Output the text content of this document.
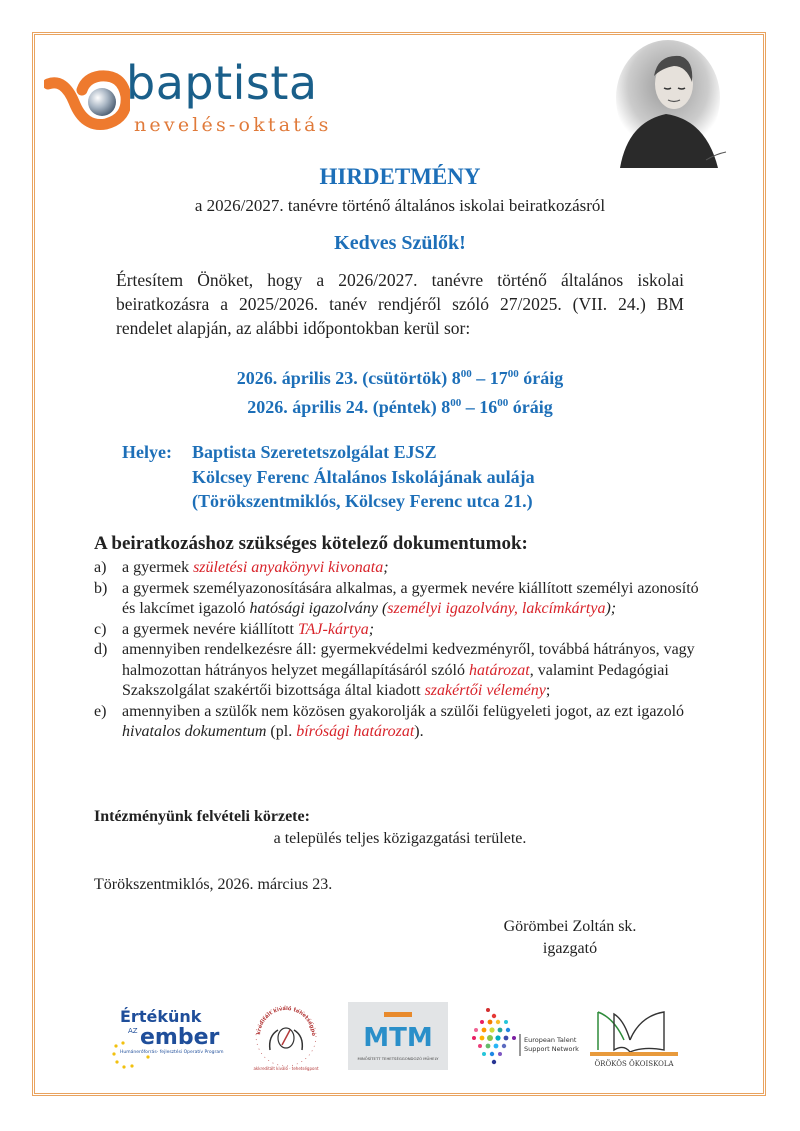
baptista
nevelés-oktatás
HIRDETMÉNY
a 2026/2027. tanévre történő általános iskolai beiratkozásról
Kedves Szülők!
Értesítem Önöket, hogy a 2026/2027. tanévre történő általános iskolai beiratkozásra a 2025/2026. tanév rendjéről szóló 27/2025. (VII. 24.) BM rendelet alapján, az alábbi időpontokban kerül sor:
2026. április 23. (csütörtök) $8^{00} - 17^{00}$ óráig
2026. április 24. (péntek) $8^{00} - 16^{00}$ óráig
Helye: Baptista Szeretetszolgálat EJSZ
Kölcsey Ferenc Általános Iskolájának aulája
(Törökszentmiklós, Kölcsey Ferenc utca 21.)
A beiratkozáshoz szükséges kötelező dokumentumok:
a) a gyermek születési anyakönyvi kivonata;
b) a gyermek személyazonosítására alkalmas, a gyermek nevére kiállított személyi azonosító és lakcímet igazoló hatósági igazolvány (személyi igazolvány, lakcímkártya);
c) a gyermek nevére kiállított TAJ-kártya;
d) amennyiben rendelkezésre áll: gyermekvédelmi kedvezményről, továbbá hátrányos, vagy halmozottan hátrányos helyzet megállapításáról szóló határozat, valamint Pedagógiai Szakszolgálat szakértői bizottsága által kiadott szakértői vélemény;
e) amennyiben a szülők nem közösen gyakorolják a szülői felügyeleti jogot, az ezt igazoló hivatalos dokumentum (pl. bírósági határozat).
Intézményünk felvételi körzete:
a település teljes közigazgatási területe.
Törökszentmiklós, 2026. március 23.
Görömbei Zoltán sk.
igazgató
Értékünk
AZ ember
Humánerőforrás- fejlesztési Operatív Program
kreditált kiváló tehetségpo
akkreditált kiváló · tehetségpont
MTM
MINŐSÍTETT TEHETSÉGGONDOZÓ MŰHELY
European Talent
Support Network
ÖRÖKÖS ÖKOISKOLA
